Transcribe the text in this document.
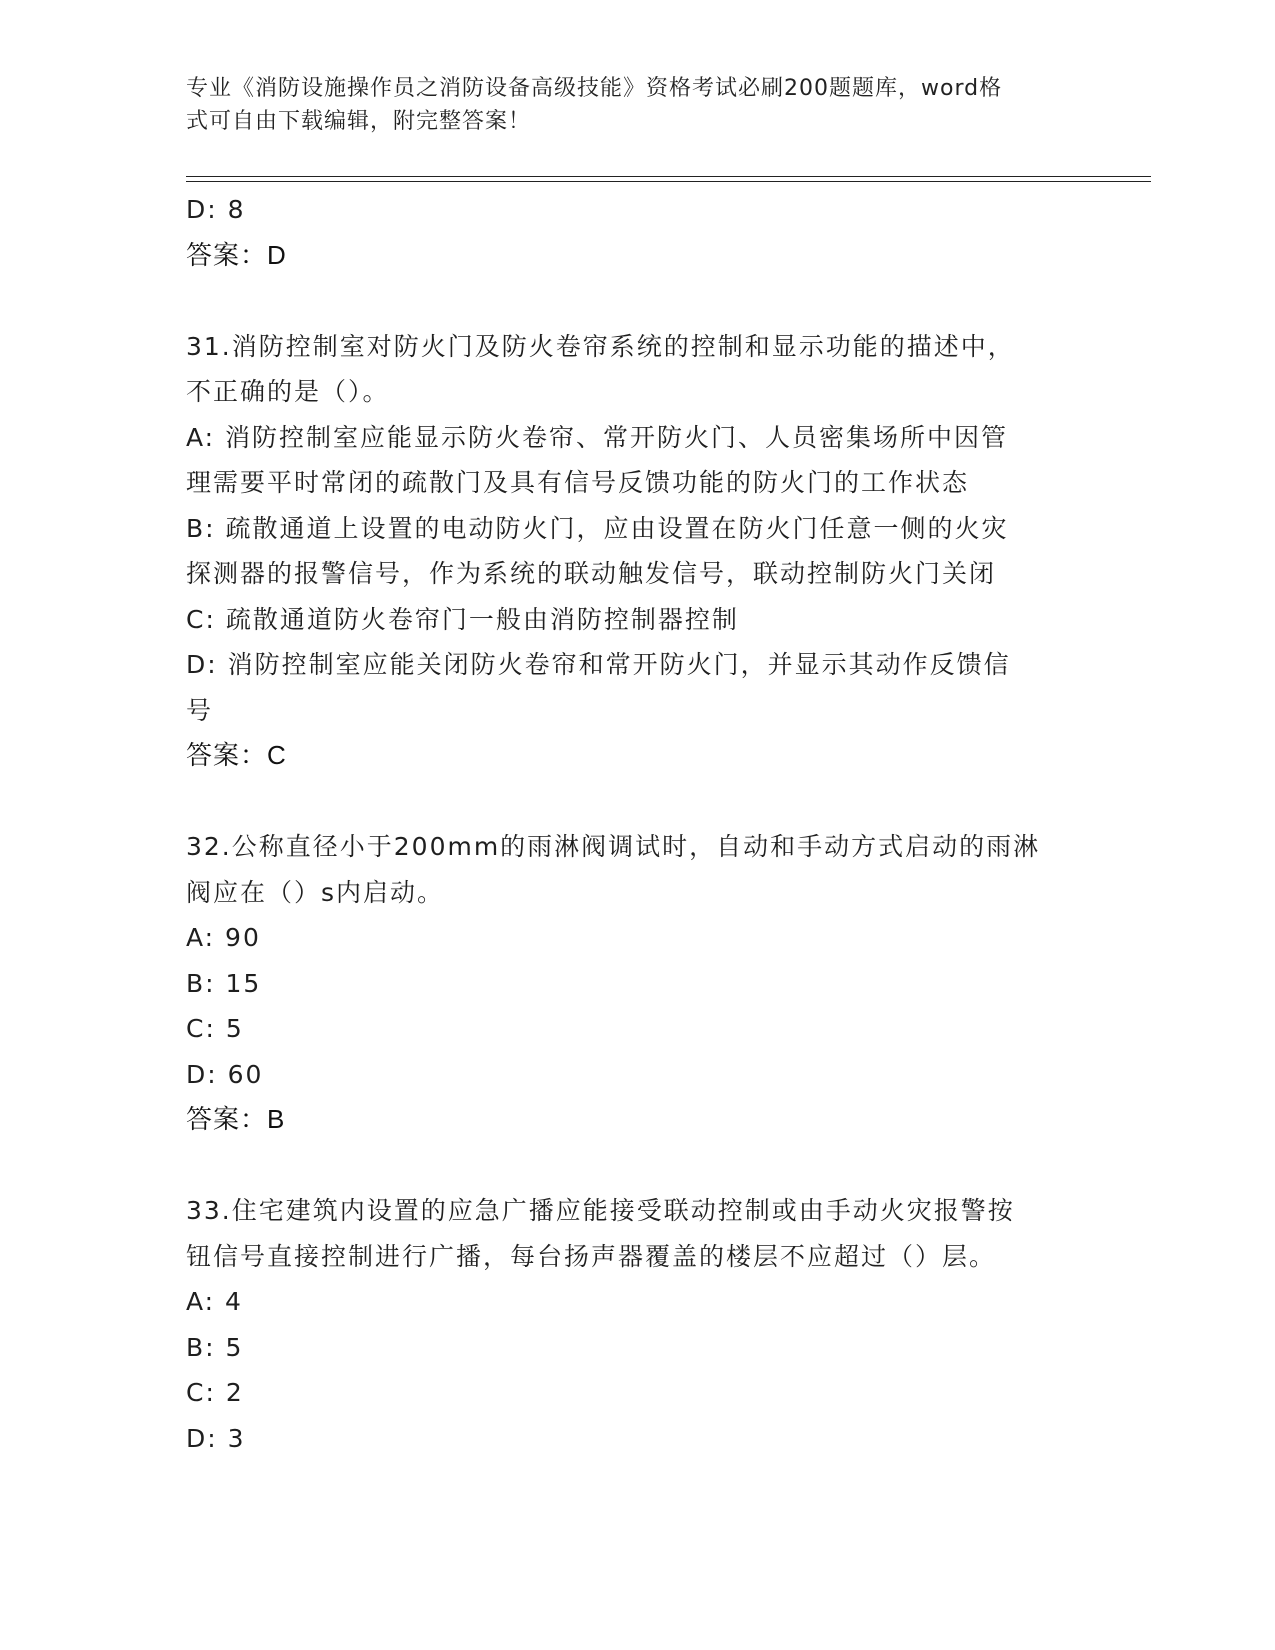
专业《消防设施操作员之消防设备高级技能》资格考试必刷200题题库，word格
式可自由下载编辑，附完整答案！
D: 8
答案：D
31.消防控制室对防火门及防火卷帘系统的控制和显示功能的描述中，
不正确的是（）。
A: 消防控制室应能显示防火卷帘、常开防火门、人员密集场所中因管
理需要平时常闭的疏散门及具有信号反馈功能的防火门的工作状态
B: 疏散通道上设置的电动防火门，应由设置在防火门任意一侧的火灾
探测器的报警信号，作为系统的联动触发信号，联动控制防火门关闭
C: 疏散通道防火卷帘门一般由消防控制器控制
D: 消防控制室应能关闭防火卷帘和常开防火门，并显示其动作反馈信
号
答案：C
32.公称直径小于200mm的雨淋阀调试时，自动和手动方式启动的雨淋
阀应在（）s内启动。
A: 90
B: 15
C: 5
D: 60
答案：B
33.住宅建筑内设置的应急广播应能接受联动控制或由手动火灾报警按
钮信号直接控制进行广播，每台扬声器覆盖的楼层不应超过（）层。
A: 4
B: 5
C: 2
D: 3
